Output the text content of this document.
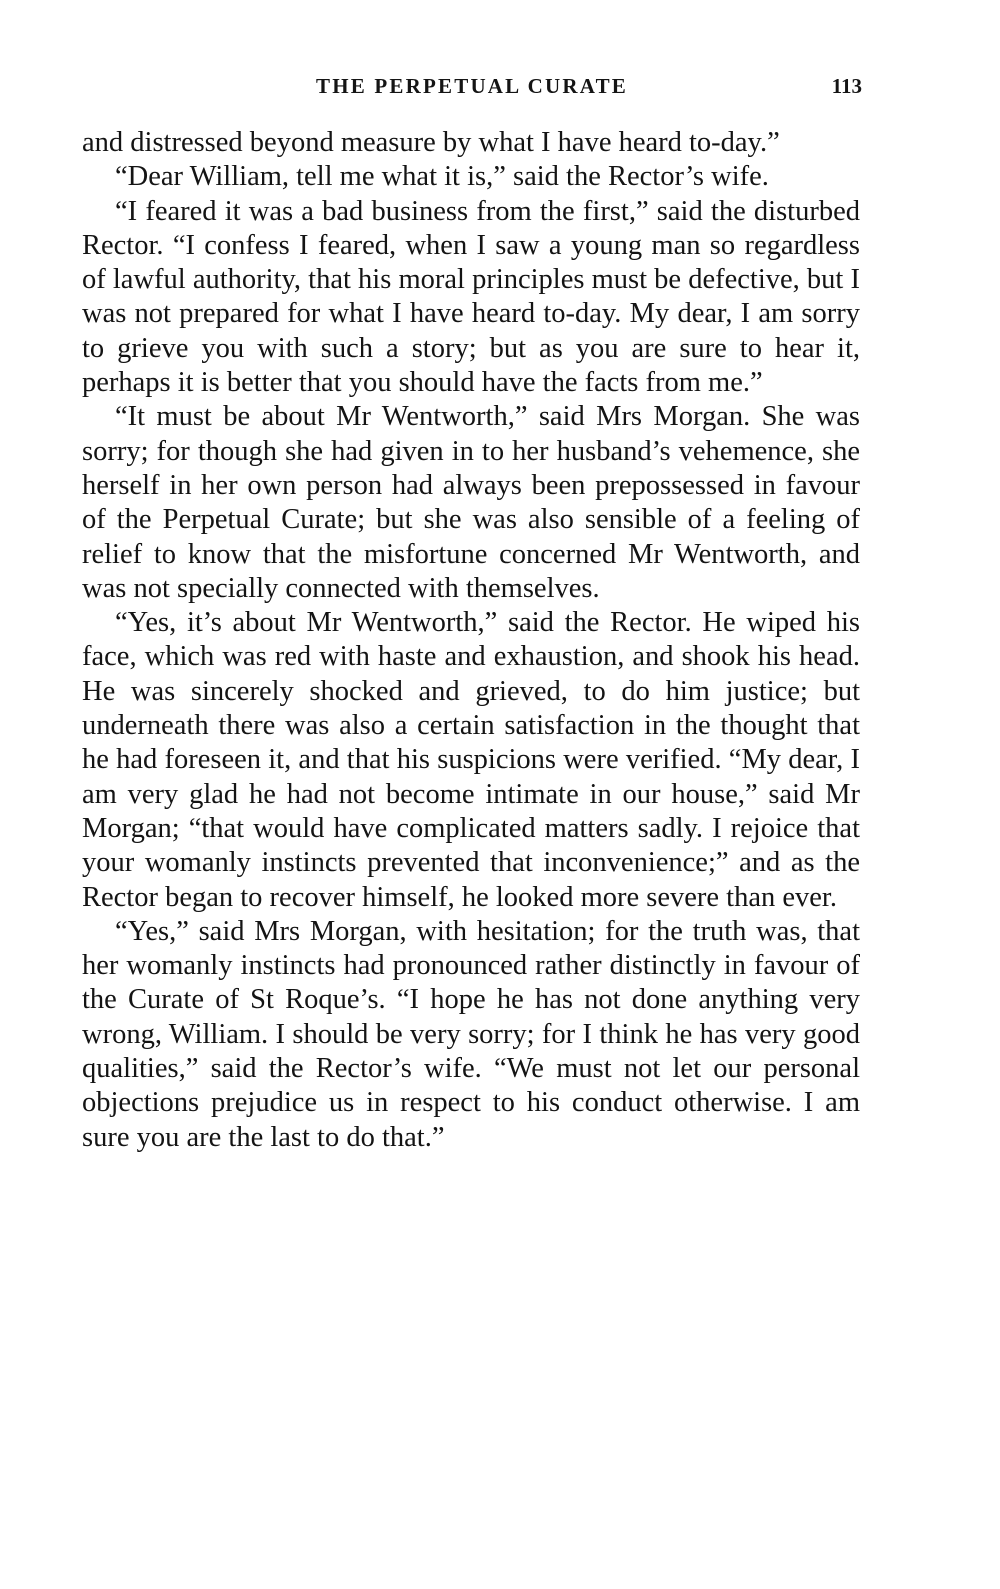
THE PERPETUAL CURATE	113

and distressed beyond measure by what I have heard to-day.”

“Dear William, tell me what it is,” said the Rector’s wife.

“I feared it was a bad business from the first,” said the disturbed Rector. “I confess I feared, when I saw a young man so regardless of lawful authority, that his moral principles must be defective, but I was not prepared for what I have heard to-day. My dear, I am sorry to grieve you with such a story; but as you are sure to hear it, perhaps it is better that you should have the facts from me.”

“It must be about Mr Wentworth,” said Mrs Morgan. She was sorry; for though she had given in to her husband’s vehemence, she herself in her own person had always been prepossessed in favour of the Perpetual Curate; but she was also sensible of a feeling of relief to know that the misfortune concerned Mr Wentworth, and was not specially connected with themselves.

“Yes, it’s about Mr Wentworth,” said the Rector. He wiped his face, which was red with haste and exhaustion, and shook his head. He was sincerely shocked and grieved, to do him justice; but underneath there was also a certain satisfaction in the thought that he had foreseen it, and that his suspicions were verified. “My dear, I am very glad he had not become intimate in our house,” said Mr Morgan; “that would have complicated matters sadly. I rejoice that your womanly instincts prevented that inconvenience;” and as the Rector began to recover himself, he looked more severe than ever.

“Yes,” said Mrs Morgan, with hesitation; for the truth was, that her womanly instincts had pronounced rather distinctly in favour of the Curate of St Roque’s. “I hope he has not done anything very wrong, William. I should be very sorry; for I think he has very good qualities,” said the Rector’s wife. “We must not let our personal objections prejudice us in respect to his conduct otherwise. I am sure you are the last to do that.”
